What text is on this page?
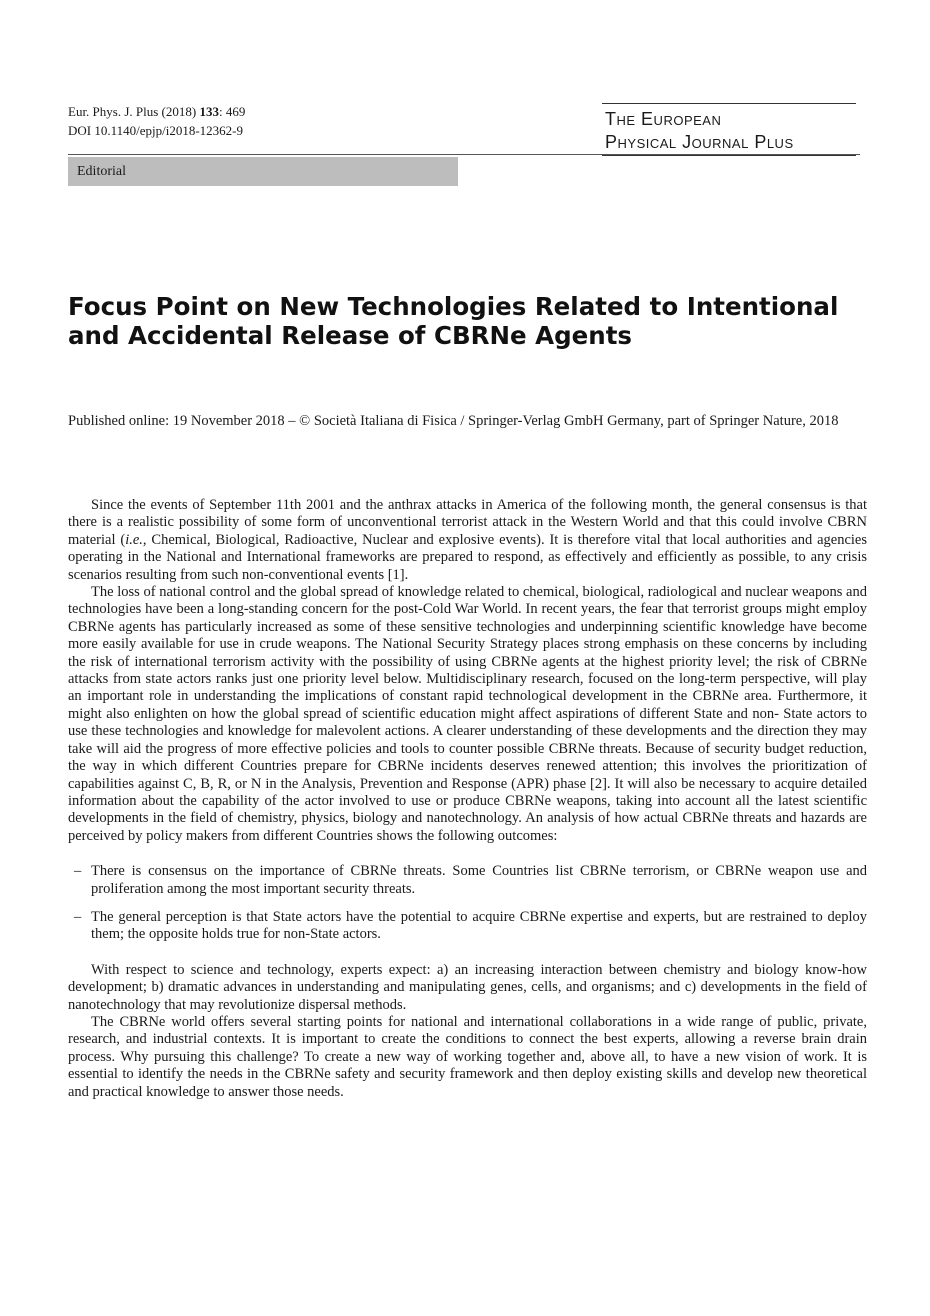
Eur. Phys. J. Plus (2018) 133: 469
DOI 10.1140/epjp/i2018-12362-9
The European
Physical Journal Plus
Editorial
Focus Point on New Technologies Related to Intentional and Accidental Release of CBRNe Agents
Published online: 19 November 2018 – © Società Italiana di Fisica / Springer-Verlag GmbH Germany, part of Springer Nature, 2018

Since the events of September 11th 2001 and the anthrax attacks in America of the following month, the general consensus is that there is a realistic possibility of some form of unconventional terrorist attack in the Western World and that this could involve CBRN material (i.e., Chemical, Biological, Radioactive, Nuclear and explosive events). It is therefore vital that local authorities and agencies operating in the National and International frameworks are prepared to respond, as effectively and efficiently as possible, to any crisis scenarios resulting from such non-conventional events [1].

The loss of national control and the global spread of knowledge related to chemical, biological, radiological and nuclear weapons and technologies have been a long-standing concern for the post-Cold War World. In recent years, the fear that terrorist groups might employ CBRNe agents has particularly increased as some of these sensitive technologies and underpinning scientific knowledge have become more easily available for use in crude weapons. The National Security Strategy places strong emphasis on these concerns by including the risk of international terrorism activity with the possibility of using CBRNe agents at the highest priority level; the risk of CBRNe attacks from state actors ranks just one priority level below. Multidisciplinary research, focused on the long-term perspective, will play an important role in understanding the implications of constant rapid technological development in the CBRNe area. Furthermore, it might also enlighten on how the global spread of scientific education might affect aspirations of different State and non- State actors to use these technologies and knowledge for malevolent actions. A clearer understanding of these developments and the direction they may take will aid the progress of more effective policies and tools to counter possible CBRNe threats. Because of security budget reduction, the way in which different Countries prepare for CBRNe incidents deserves renewed attention; this involves the prioritization of capabilities against C, B, R, or N in the Analysis, Prevention and Response (APR) phase [2]. It will also be necessary to acquire detailed information about the capability of the actor involved to use or produce CBRNe weapons, taking into account all the latest scientific developments in the field of chemistry, physics, biology and nanotechnology. An analysis of how actual CBRNe threats and hazards are perceived by policy makers from different Countries shows the following outcomes:

– There is consensus on the importance of CBRNe threats. Some Countries list CBRNe terrorism, or CBRNe weapon use and proliferation among the most important security threats.
– The general perception is that State actors have the potential to acquire CBRNe expertise and experts, but are restrained to deploy them; the opposite holds true for non-State actors.

With respect to science and technology, experts expect: a) an increasing interaction between chemistry and biology know-how development; b) dramatic advances in understanding and manipulating genes, cells, and organisms; and c) developments in the field of nanotechnology that may revolutionize dispersal methods.

The CBRNe world offers several starting points for national and international collaborations in a wide range of public, private, research, and industrial contexts. It is important to create the conditions to connect the best experts, allowing a reverse brain drain process. Why pursuing this challenge? To create a new way of working together and, above all, to have a new vision of work. It is essential to identify the needs in the CBRNe safety and security framework and then deploy existing skills and develop new theoretical and practical knowledge to answer those needs.
